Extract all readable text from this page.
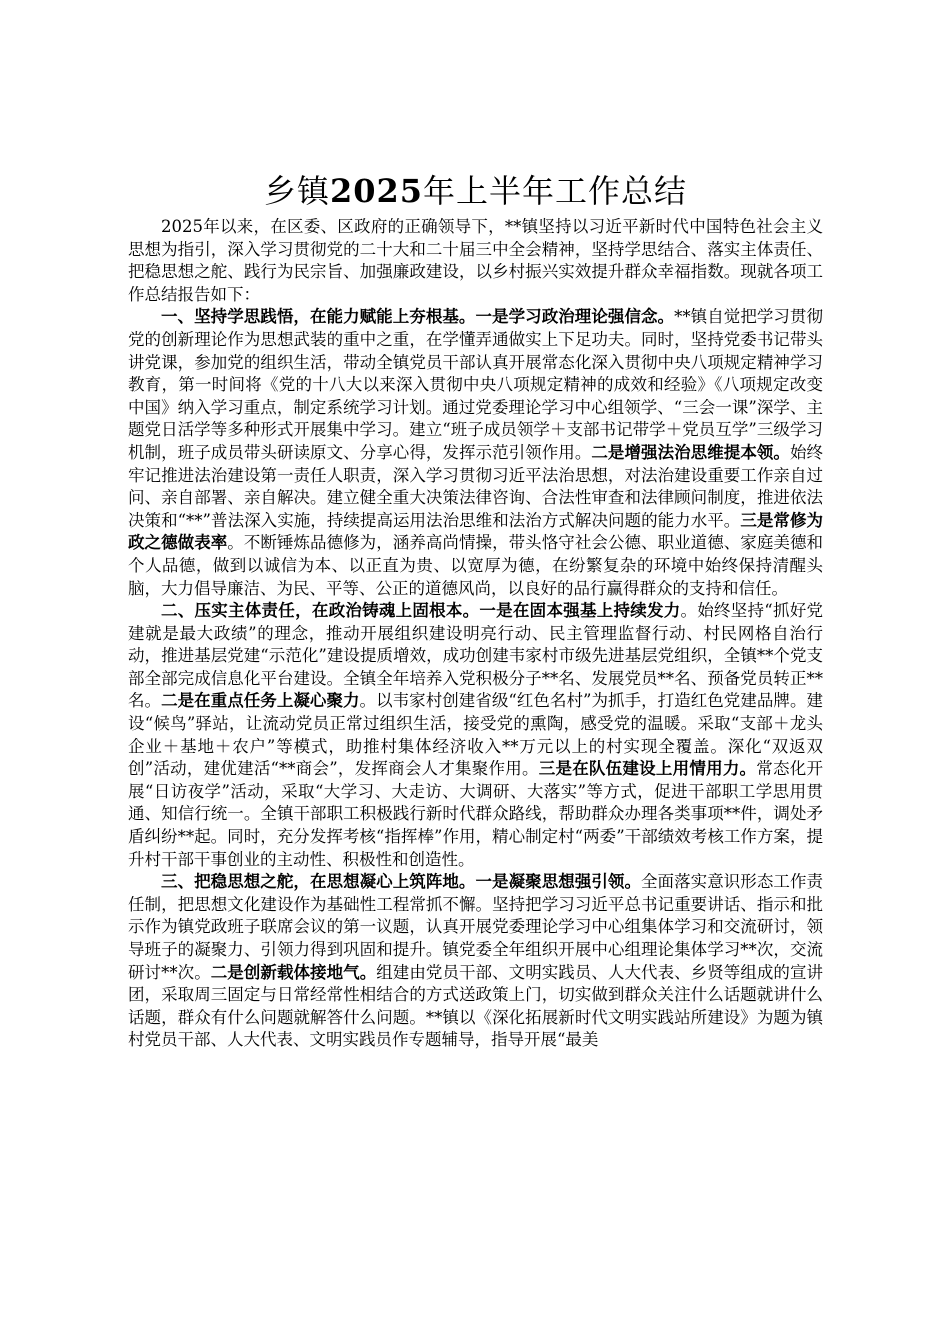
乡镇2025年上半年工作总结

2025年以来，在区委、区政府的正确领导下，**镇坚持以习近平新时代中国特色社会主义思想为指引，深入学习贯彻党的二十大和二十届三中全会精神，坚持学思结合、落实主体责任、把稳思想之舵、践行为民宗旨、加强廉政建设，以乡村振兴实效提升群众幸福指数。现就各项工作总结报告如下：

一、坚持学思践悟，在能力赋能上夯根基。一是学习政治理论强信念。**镇自觉把学习贯彻党的创新理论作为思想武装的重中之重，在学懂弄通做实上下足功夫。同时，坚持党委书记带头讲党课，参加党的组织生活，带动全镇党员干部认真开展常态化深入贯彻中央八项规定精神学习教育，第一时间将《党的十八大以来深入贯彻中央八项规定精神的成效和经验》《八项规定改变中国》纳入学习重点，制定系统学习计划。通过党委理论学习中心组领学、“三会一课”深学、主题党日活学等多种形式开展集中学习。建立“班子成员领学＋支部书记带学＋党员互学”三级学习机制，班子成员带头研读原文、分享心得，发挥示范引领作用。二是增强法治思维提本领。始终牢记推进法治建设第一责任人职责，深入学习贯彻习近平法治思想，对法治建设重要工作亲自过问、亲自部署、亲自解决。建立健全重大决策法律咨询、合法性审查和法律顾问制度，推进依法决策和“**”普法深入实施，持续提高运用法治思维和法治方式解决问题的能力水平。三是常修为政之德做表率。不断锤炼品德修为，涵养高尚情操，带头恪守社会公德、职业道德、家庭美德和个人品德，做到以诚信为本、以正直为贵、以宽厚为德，在纷繁复杂的环境中始终保持清醒头脑，大力倡导廉洁、为民、平等、公正的道德风尚，以良好的品行赢得群众的支持和信任。

二、压实主体责任，在政治铸魂上固根本。一是在固本强基上持续发力。始终坚持“抓好党建就是最大政绩”的理念，推动开展组织建设明亮行动、民主管理监督行动、村民网格自治行动，推进基层党建“示范化”建设提质增效，成功创建韦家村市级先进基层党组织，全镇**个党支部全部完成信息化平台建设。全镇全年培养入党积极分子**名、发展党员**名、预备党员转正**名。二是在重点任务上凝心聚力。以韦家村创建省级“红色名村”为抓手，打造红色党建品牌。建设“候鸟”驿站，让流动党员正常过组织生活，接受党的熏陶，感受党的温暖。采取“支部＋龙头企业＋基地＋农户”等模式，助推村集体经济收入**万元以上的村实现全覆盖。深化“双返双创”活动，建优建活“**商会”，发挥商会人才集聚作用。三是在队伍建设上用情用力。常态化开展“日访夜学”活动，采取“大学习、大走访、大调研、大落实”等方式，促进干部职工学思用贯通、知信行统一。全镇干部职工积极践行新时代群众路线，帮助群众办理各类事项**件，调处矛盾纠纷**起。同时，充分发挥考核“指挥棒”作用，精心制定村“两委”干部绩效考核工作方案，提升村干部干事创业的主动性、积极性和创造性。

三、把稳思想之舵，在思想凝心上筑阵地。一是凝聚思想强引领。全面落实意识形态工作责任制，把思想文化建设作为基础性工程常抓不懈。坚持把学习习近平总书记重要讲话、指示和批示作为镇党政班子联席会议的第一议题，认真开展党委理论学习中心组集体学习和交流研讨，领导班子的凝聚力、引领力得到巩固和提升。镇党委全年组织开展中心组理论集体学习**次，交流研讨**次。二是创新载体接地气。组建由党员干部、文明实践员、人大代表、乡贤等组成的宣讲团，采取周三固定与日常经常性相结合的方式送政策上门，切实做到群众关注什么话题就讲什么话题，群众有什么问题就解答什么问题。**镇以《深化拓展新时代文明实践站所建设》为题为镇村党员干部、人大代表、文明实践员作专题辅导，指导开展“最美
